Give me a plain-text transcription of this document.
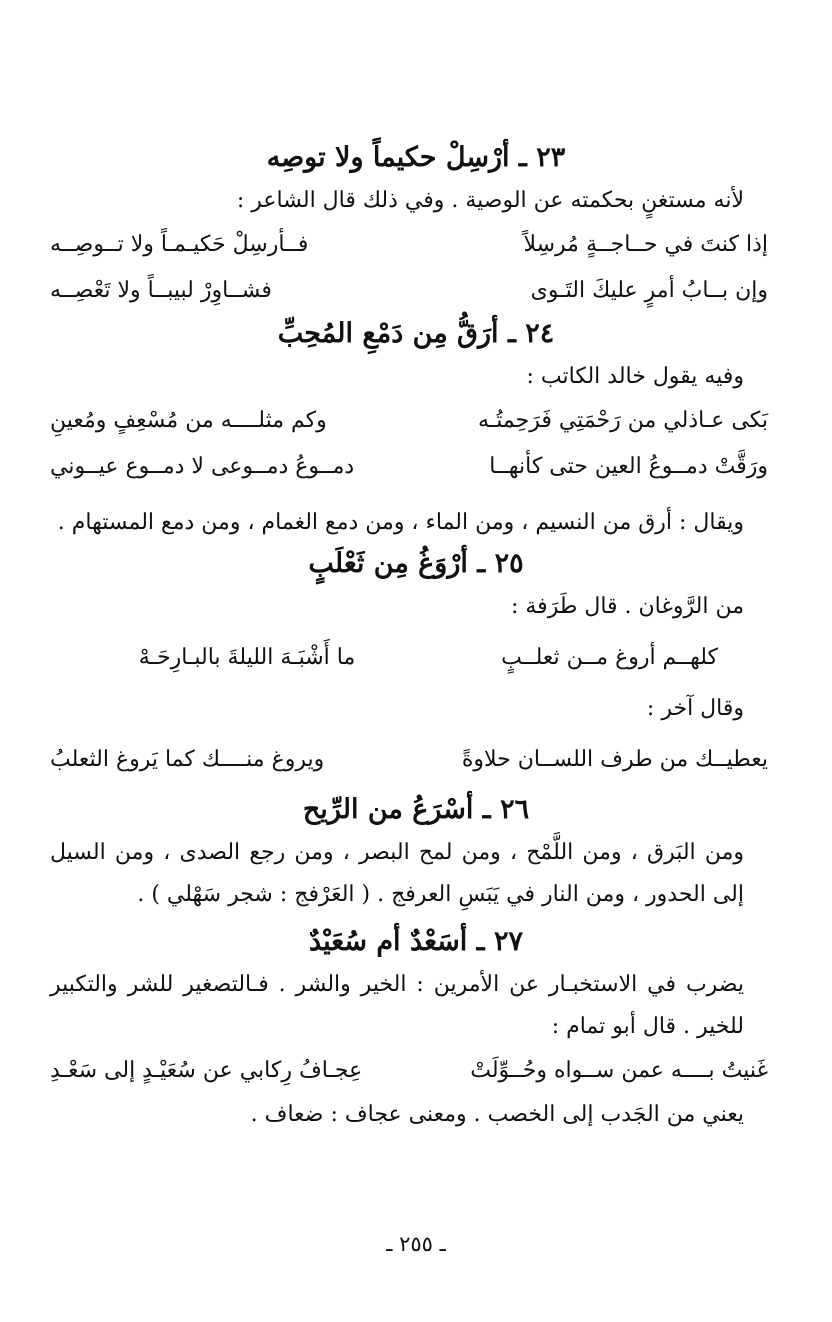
٢٣ ـ أرْسِلْ حكيماً ولا توصِه

لأنه مستغنٍ بحكمته عن الوصية . وفي ذلك قال الشاعر :

إذا كنتَ في حــاجــةٍ مُرسِلاً
فــأرسِلْ حَكيـمـاً ولا تــوصِــه
وإن بــابُ أمرٍ عليكَ التَـوى
فشــاوِرْ لبيبــاً ولا تَعْصِــه
٢٤ ـ أرَقُّ مِن دَمْعِ المُحِبِّ

وفيه يقول خالد الكاتب :

بَكى عـاذلي من رَحْمَتِي فَرَحِمتُـه
وكم مثلــــه من مُسْعِفٍ ومُعينِ
ورَقَّتْ دمــوعُ العين حتى كأنهــا
دمــوعُ دمــوعى لا دمــوع عيــوني

ويقال : أرق من النسيم ، ومن الماء ، ومن دمع الغمام ، ومن دمع المستهام .

٢٥ ـ أرْوَغُ مِن ثَعْلَبٍ

من الرَّوغان . قال طَرَفة :

كلهــم أروغ مــن ثعلــبٍ
ما أَشْبَـهَ الليلةَ بالبـارِحَـهْ

وقال آخر :

يعطيــك من طرف اللســان حلاوةً
ويروغ منــــك كما يَروغ الثعلبُ
٢٦ ـ أسْرَعُ من الرِّيح

ومن البَرق ، ومن اللَّمْح ، ومن لمح البصر ، ومن رجع الصدى ، ومن السيل إلى الحدور ، ومن النار في يَبَسِ العرفج . ( العَرْفج : شجر سَهْلي ) .

٢٧ ـ أسَعْدٌ أم سُعَيْدٌ

يضرب في الاستخبـار عن الأمرين : الخير والشر . فـالتصغير للشر والتكبير للخير . قال أبو تمام :

غَنيتُ بــــه عمن ســواه وحُــوِّلَتْ
عِجـافُ رِكابي عن سُعَيْـدٍ إلى سَعْـدِ

يعني من الجَدب إلى الخصب . ومعنى عجاف : ضعاف .

ـ ٢٥٥ ـ
